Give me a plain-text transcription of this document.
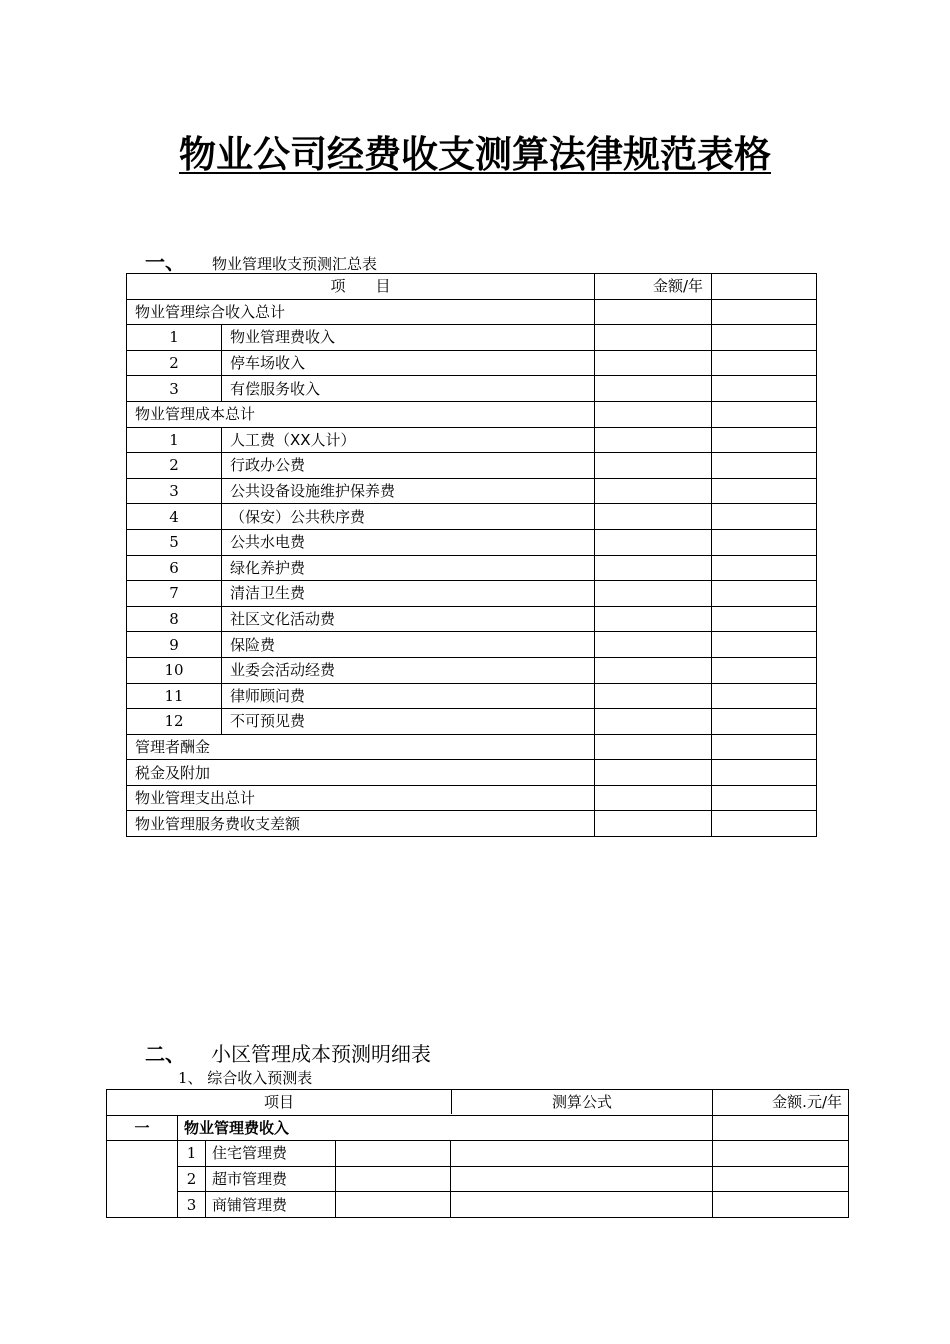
物业公司经费收支测算法律规范表格
一、 物业管理收支预测汇总表
项　　目		金额/年	
物业管理综合收入总计			
1	物业管理费收入		
2	停车场收入		
3	有偿服务收入		
物业管理成本总计			
1	人工费（XX人计）		
2	行政办公费		
3	公共设备设施维护保养费		
4	（保安）公共秩序费		
5	公共水电费		
6	绿化养护费		
7	清洁卫生费		
8	社区文化活动费		
9	保险费		
10	业委会活动经费		
11	律师顾问费		
12	不可预见费		
管理者酬金			
税金及附加			
物业管理支出总计			
物业管理服务费收支差额			
二、 小区管理成本预测明细表
1、 综合收入预测表
项目 测算公式					金额.元/年
一	物业管理费收入				
	1	住宅管理费			
	2	超市管理费			
	3	商铺管理费			
